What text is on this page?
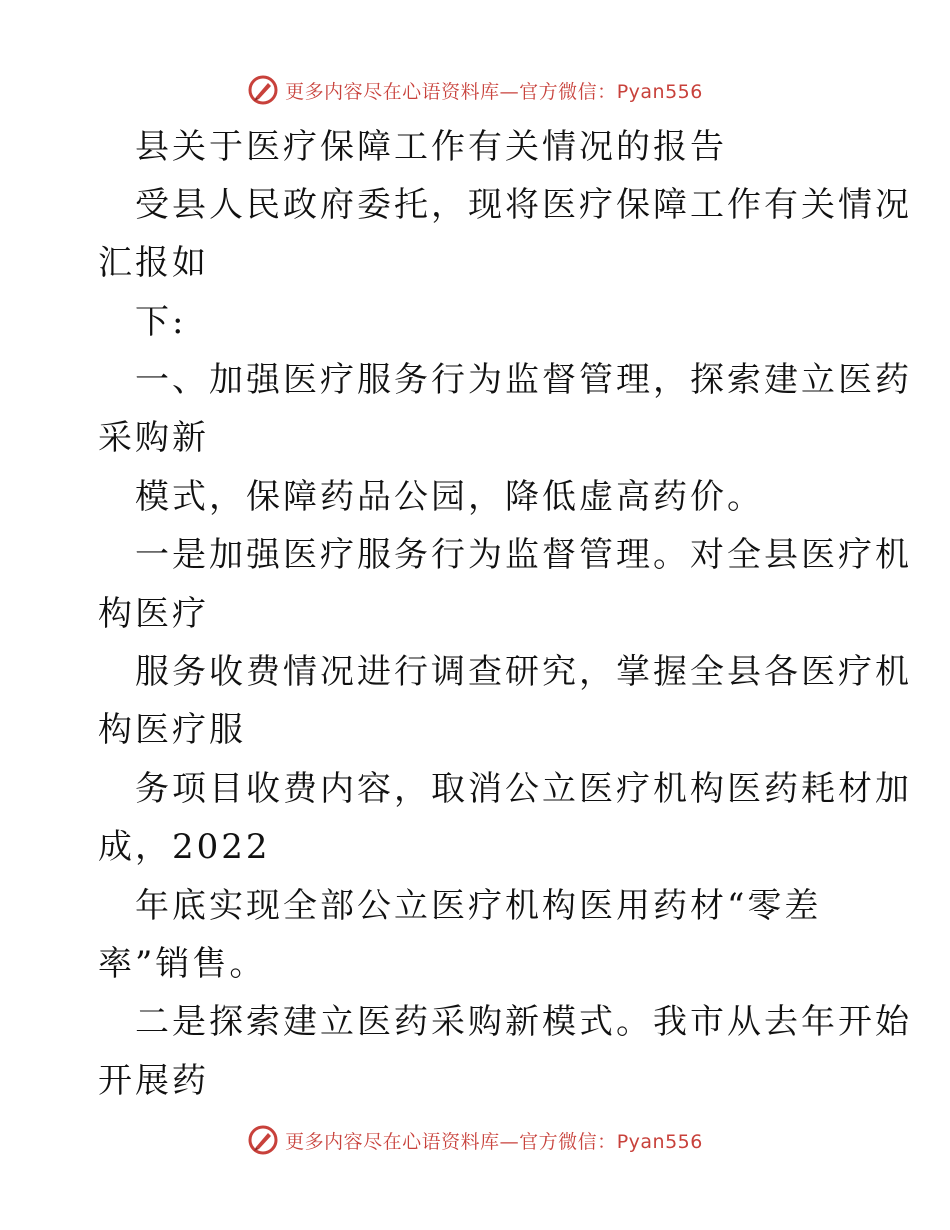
更多内容尽在心语资料库—官方微信：Pyan556
县关于医疗保障工作有关情况的报告
受县人民政府委托，现将医疗保障工作有关情况
汇报如
下:
一、加强医疗服务行为监督管理，探索建立医药
采购新
模式，保障药品公园，降低虚高药价。
一是加强医疗服务行为监督管理。对全县医疗机
构医疗
服务收费情况进行调查研究，掌握全县各医疗机
构医疗服
务项目收费内容，取消公立医疗机构医药耗材加
成，2022
年底实现全部公立医疗机构医用药材“零差
率”销售。
二是探索建立医药采购新模式。我市从去年开始
开展药
更多内容尽在心语资料库—官方微信：Pyan556
